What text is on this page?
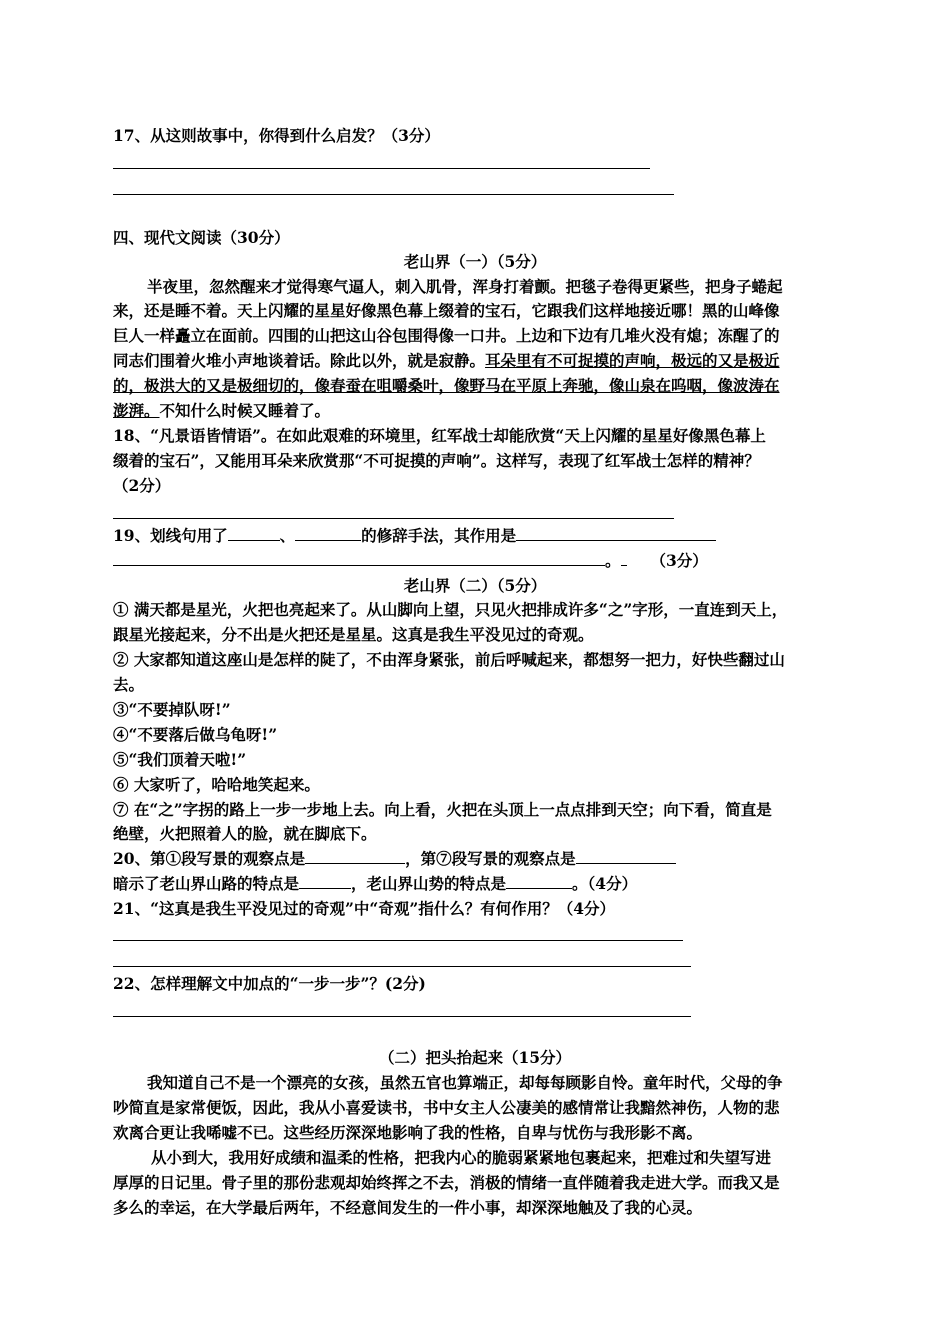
17、从这则故事中，你得到什么启发？（3分）
四、现代文阅读（30分）
老山界（一）（5分）
半夜里，忽然醒来才觉得寒气逼人，刺入肌骨，浑身打着颤。把毯子卷得更紧些，把身子蜷起
来，还是睡不着。天上闪耀的星星好像黑色幕上缀着的宝石，它跟我们这样地接近哪！黑的山峰像
巨人一样矗立在面前。四围的山把这山谷包围得像一口井。上边和下边有几堆火没有熄；冻醒了的
同志们围着火堆小声地谈着话。除此以外，就是寂静。耳朵里有不可捉摸的声响，极远的又是极近
的，极洪大的又是极细切的，像春蚕在咀嚼桑叶，像野马在平原上奔驰，像山泉在呜咽，像波涛在
澎湃。不知什么时候又睡着了。
18、“凡景语皆情语”。在如此艰难的环境里，红军战士却能欣赏“天上闪耀的星星好像黑色幕上
缀着的宝石”，又能用耳朵来欣赏那“不可捉摸的声响”。这样写，表现了红军战士怎样的精神？
（2分）
19、划线句用了	、	的修辞手法，其作用是
。 （3分）
老山界（二）（5分）
① 满天都是星光，火把也亮起来了。从山脚向上望，只见火把排成许多“之”字形，一直连到天上，
跟星光接起来，分不出是火把还是星星。这真是我生平没见过的奇观。
② 大家都知道这座山是怎样的陡了，不由浑身紧张，前后呼喊起来，都想努一把力，好快些翻过山
去。
③“不要掉队呀!”
④“不要落后做乌龟呀!”
⑤“我们顶着天啦!”
⑥ 大家听了，哈哈地笑起来。
⑦ 在“之”字拐的路上一步一步地上去。向上看，火把在头顶上一点点排到天空；向下看，简直是
绝壁，火把照着人的脸，就在脚底下。
20、第①段写景的观察点是	，第⑦段写景的观察点是
暗示了老山界山路的特点是	，老山界山势的特点是	。（4分）
21、“这真是我生平没见过的奇观”中“奇观”指什么？有何作用？（4分）
22、怎样理解文中加点的“一步一步”？(2分)
（二）把头抬起来（15分）
我知道自己不是一个漂亮的女孩，虽然五官也算端正，却每每顾影自怜。童年时代，父母的争
吵简直是家常便饭，因此，我从小喜爱读书，书中女主人公凄美的感情常让我黯然神伤，人物的悲
欢离合更让我唏嘘不已。这些经历深深地影响了我的性格，自卑与忧伤与我形影不离。
从小到大，我用好成绩和温柔的性格，把我内心的脆弱紧紧地包裹起来，把难过和失望写进
厚厚的日记里。骨子里的那份悲观却始终挥之不去，消极的情绪一直伴随着我走进大学。而我又是
多么的幸运，在大学最后两年，不经意间发生的一件小事，却深深地触及了我的心灵。
